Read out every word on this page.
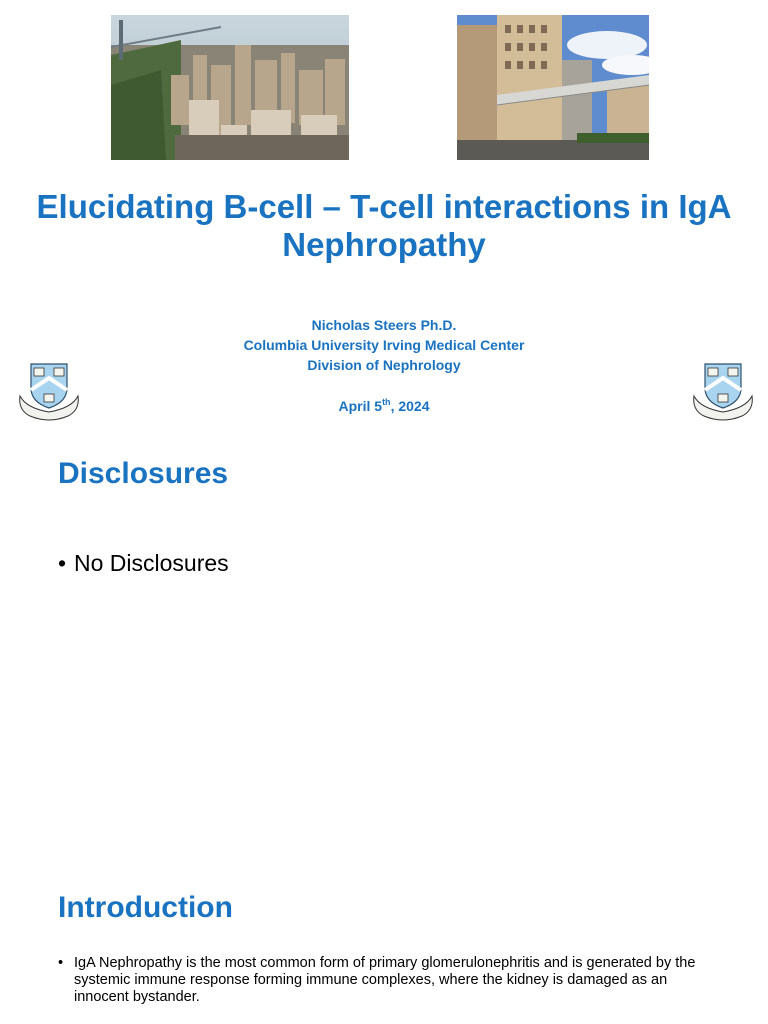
Elucidating B-cell – T-cell interactions in IgA Nephropathy
Nicholas Steers Ph.D.
Columbia University Irving Medical Center
Division of Nephrology
April 5th, 2024
Disclosures
• No Disclosures
Introduction
• IgA Nephropathy is the most common form of primary glomerulonephritis and is generated by the systemic immune response forming immune complexes, where the kidney is damaged as an innocent bystander.
